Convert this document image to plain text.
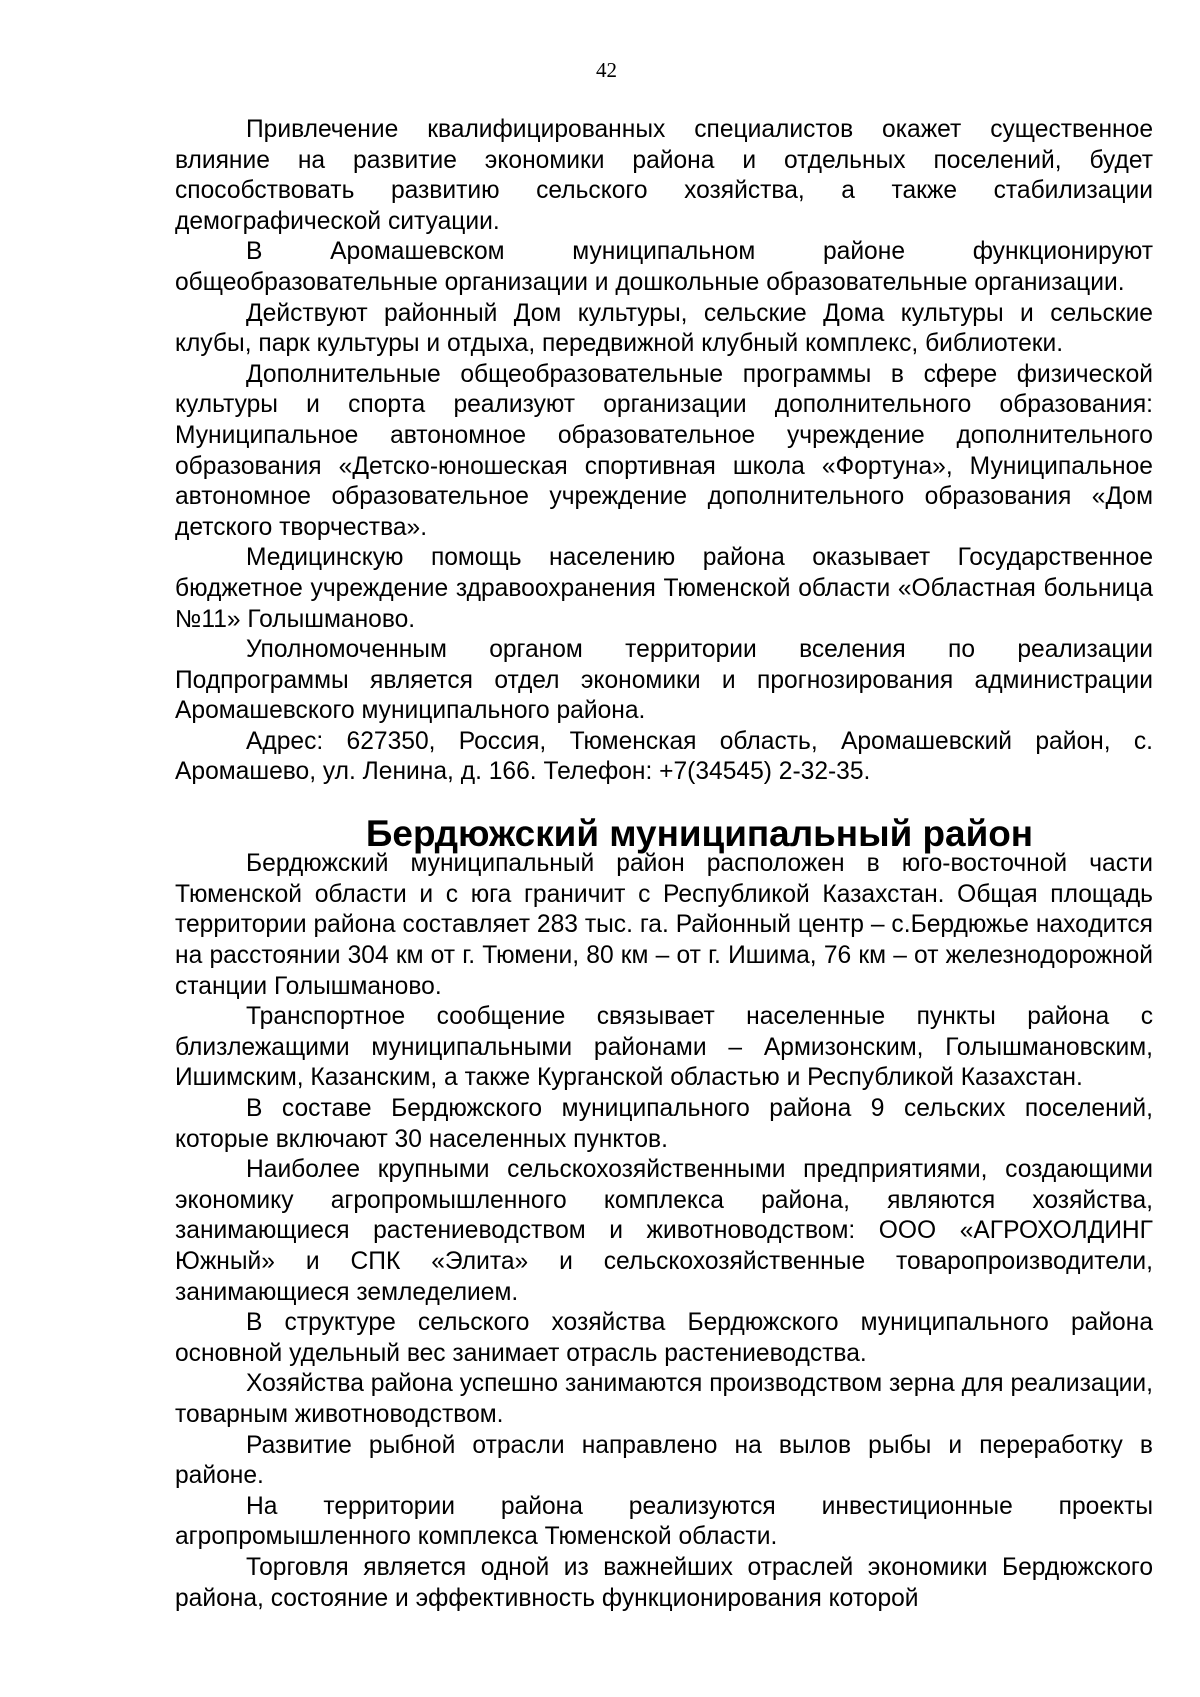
42

Привлечение квалифицированных специалистов окажет существенное влияние на развитие экономики района и отдельных поселений, будет способствовать развитию сельского хозяйства, а также стабилизации демографической ситуации.

В Аромашевском муниципальном районе функционируют общеобразовательные организации и дошкольные образовательные организации.

Действуют районный Дом культуры, сельские Дома культуры и сельские клубы, парк культуры и отдыха, передвижной клубный комплекс, библиотеки.

Дополнительные общеобразовательные программы в сфере физической культуры и спорта реализуют организации дополнительного образования: Муниципальное автономное образовательное учреждение дополнительного образования «Детско-юношеская спортивная школа «Фортуна», Муниципальное автономное образовательное учреждение дополнительного образования «Дом детского творчества».

Медицинскую помощь населению района оказывает Государственное бюджетное учреждение здравоохранения Тюменской области «Областная больница №11» Голышманово.

Уполномоченным органом территории вселения по реализации Подпрограммы является отдел экономики и прогнозирования администрации Аромашевского муниципального района.

Адрес: 627350, Россия, Тюменская область, Аромашевский район, с. Аромашево, ул. Ленина, д. 166. Телефон: +7(34545) 2-32-35.

Бердюжский муниципальный район

Бердюжский муниципальный район расположен в юго-восточной части Тюменской области и с юга граничит с Республикой Казахстан. Общая площадь территории района составляет 283 тыс. га. Районный центр – с.Бердюжье находится на расстоянии 304 км от г. Тюмени, 80 км – от г. Ишима, 76 км – от железнодорожной станции Голышманово.

Транспортное сообщение связывает населенные пункты района с близлежащими муниципальными районами – Армизонским, Голышмановским, Ишимским, Казанским, а также Курганской областью и Республикой Казахстан.

В составе Бердюжского муниципального района 9 сельских поселений, которые включают 30 населенных пунктов.

Наиболее крупными сельскохозяйственными предприятиями, создающими экономику агропромышленного комплекса района, являются хозяйства, занимающиеся растениеводством и животноводством: ООО «АГРОХОЛДИНГ Южный» и СПК «Элита» и сельскохозяйственные товаропроизводители, занимающиеся земледелием.

В структуре сельского хозяйства Бердюжского муниципального района основной удельный вес занимает отрасль растениеводства.

Хозяйства района успешно занимаются производством зерна для реализации, товарным животноводством.

Развитие рыбной отрасли направлено на вылов рыбы и переработку в районе.

На территории района реализуются инвестиционные проекты агропромышленного комплекса Тюменской области.

Торговля является одной из важнейших отраслей экономики Бердюжского района, состояние и эффективность функционирования которой
